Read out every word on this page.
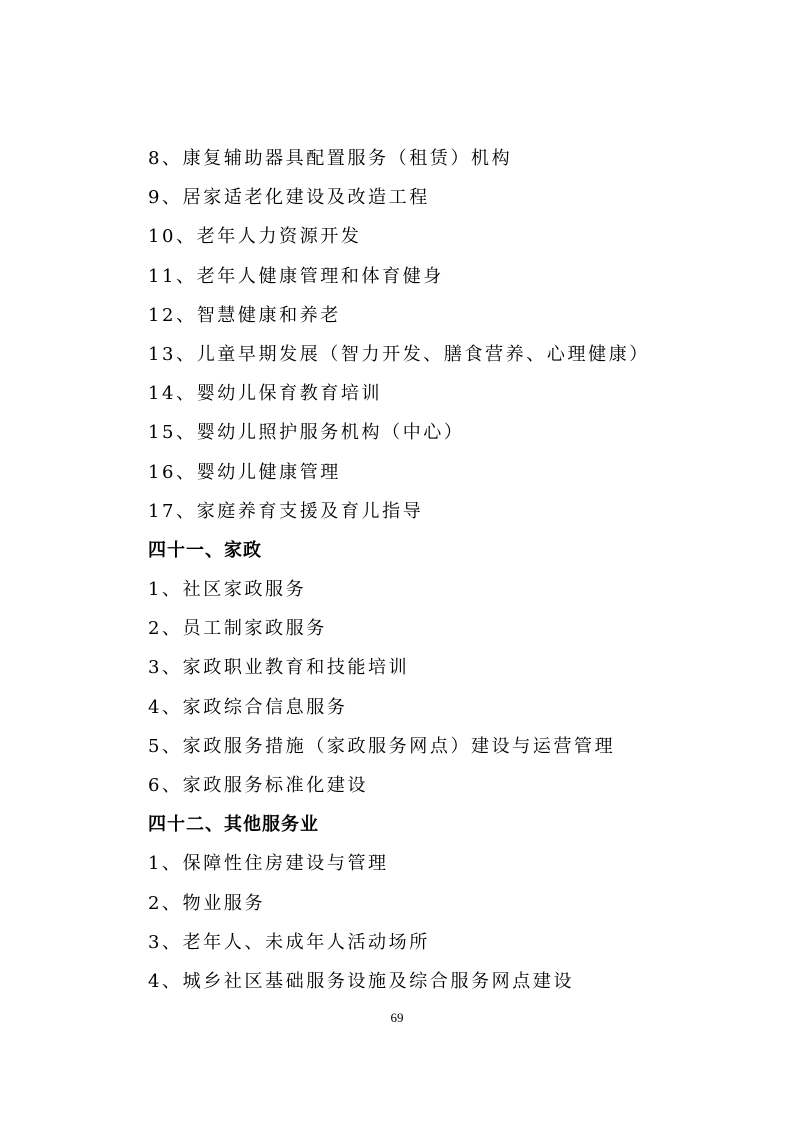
8、康复辅助器具配置服务（租赁）机构
9、居家适老化建设及改造工程
10、老年人力资源开发
11、老年人健康管理和体育健身
12、智慧健康和养老
13、儿童早期发展（智力开发、膳食营养、心理健康）
14、婴幼儿保育教育培训
15、婴幼儿照护服务机构（中心）
16、婴幼儿健康管理
17、家庭养育支援及育儿指导
四十一、家政
1、社区家政服务
2、员工制家政服务
3、家政职业教育和技能培训
4、家政综合信息服务
5、家政服务措施（家政服务网点）建设与运营管理
6、家政服务标准化建设
四十二、其他服务业
1、保障性住房建设与管理
2、物业服务
3、老年人、未成年人活动场所
4、城乡社区基础服务设施及综合服务网点建设
69
